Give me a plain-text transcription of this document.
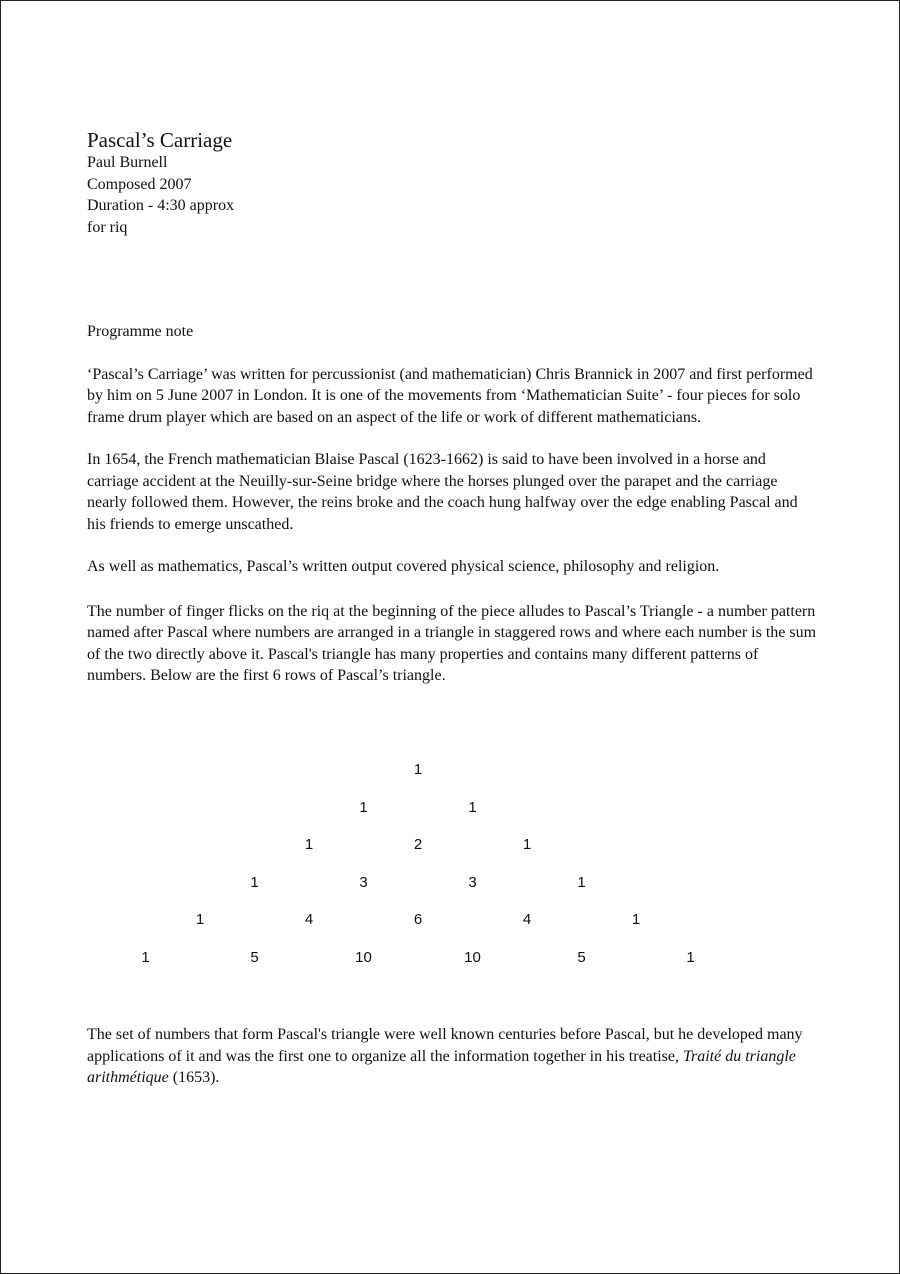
Pascal’s Carriage
Paul Burnell
Composed 2007
Duration - 4:30 approx
for riq

Programme note

‘Pascal’s Carriage’ was written for percussionist (and mathematician) Chris Brannick in 2007 and first performed by him on 5 June 2007 in London. It is one of the movements from ‘Mathematician Suite’ - four pieces for solo frame drum player which are based on an aspect of the life or work of different mathematicians.

In 1654, the French mathematician Blaise Pascal (1623-1662) is said to have been involved in a horse and carriage accident at the Neuilly-sur-Seine bridge where the horses plunged over the parapet and the carriage nearly followed them. However, the reins broke and the coach hung halfway over the edge enabling Pascal and his friends to emerge unscathed.

As well as mathematics, Pascal’s written output covered physical science, philosophy and religion.

The number of finger flicks on the riq at the beginning of the piece alludes to Pascal’s Triangle - a number pattern named after Pascal where numbers are arranged in a triangle in staggered rows and where each number is the sum of the two directly above it. Pascal's triangle has many properties and contains many different patterns of numbers. Below are the first 6 rows of Pascal’s triangle.

1
1	1
1	2	1
1	3	3	1
1	4	6	4	1
1	5	10	10	5	1

The set of numbers that form Pascal's triangle were well known centuries before Pascal, but he developed many applications of it and was the first one to organize all the information together in his treatise, Traité du triangle arithmétique (1653).
